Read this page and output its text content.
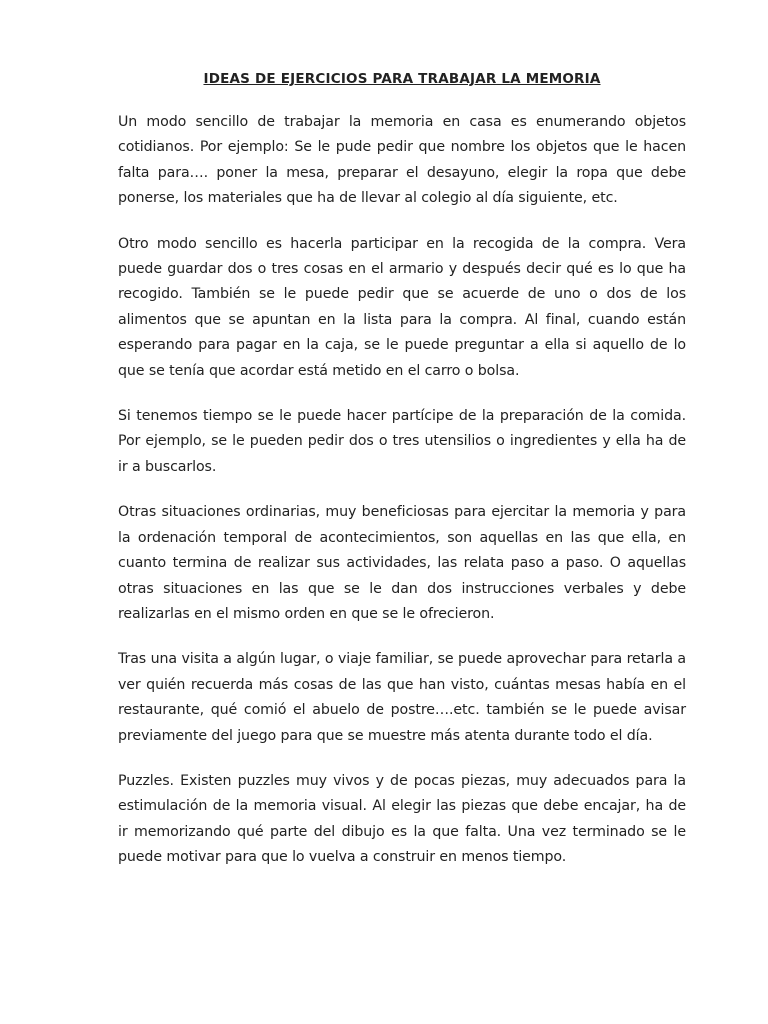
IDEAS DE EJERCICIOS PARA TRABAJAR LA MEMORIA

Un modo sencillo de trabajar la memoria en casa es enumerando objetos cotidianos. Por ejemplo: Se le pude pedir que nombre los objetos que le hacen falta para…. poner la mesa, preparar el desayuno, elegir la ropa que debe ponerse, los materiales que ha de llevar al colegio al día siguiente, etc.

Otro modo sencillo es hacerla participar en la recogida de la compra. Vera puede guardar dos o tres cosas en el armario y después decir qué es lo que ha recogido. También se le puede pedir que se acuerde de uno o dos de los alimentos que se apuntan en la lista para la compra. Al final, cuando están esperando para pagar en la caja, se le puede preguntar a ella si aquello de lo que se tenía que acordar está metido en el carro o bolsa.

Si tenemos tiempo se le puede hacer partícipe de la preparación de la comida. Por ejemplo, se le pueden pedir dos o tres utensilios o ingredientes y ella ha de ir a buscarlos.

Otras situaciones ordinarias, muy beneficiosas para ejercitar la memoria y para la ordenación temporal de acontecimientos, son aquellas en las que ella, en cuanto termina de realizar sus actividades, las relata paso a paso. O aquellas otras situaciones en las que se le dan dos instrucciones verbales y debe realizarlas en el mismo orden en que se le ofrecieron.

Tras una visita a algún lugar, o viaje familiar, se puede aprovechar para retarla a ver quién recuerda más cosas de las que han visto, cuántas mesas había en el restaurante, qué comió el abuelo de postre….etc. también se le puede avisar previamente del juego para que se muestre más atenta durante todo el día.

Puzzles. Existen puzzles muy vivos y de pocas piezas, muy adecuados para la estimulación de la memoria visual. Al elegir las piezas que debe encajar, ha de ir memorizando qué parte del dibujo es la que falta. Una vez terminado se le puede motivar para que lo vuelva a construir en menos tiempo.
